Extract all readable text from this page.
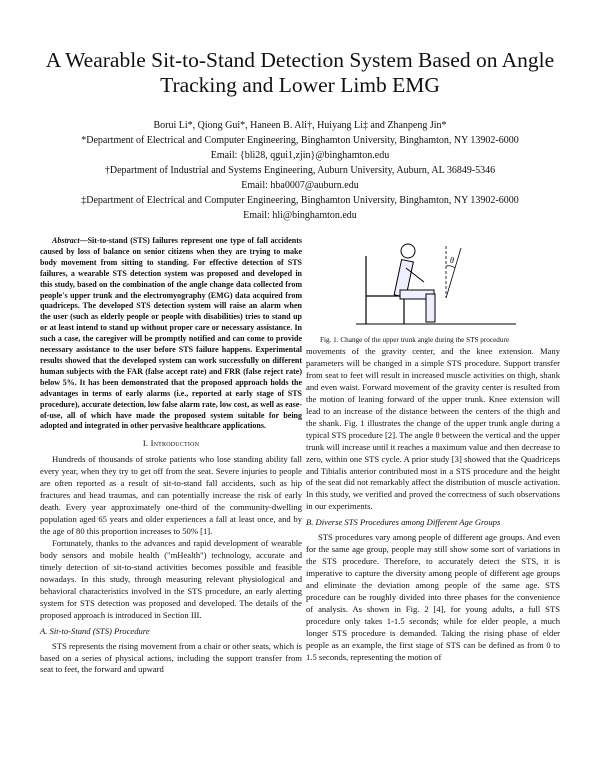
A Wearable Sit-to-Stand Detection System Based on Angle Tracking and Lower Limb EMG
Borui Li*, Qiong Gui*, Haneen B. Ali†, Huiyang Li‡ and Zhanpeng Jin*
*Department of Electrical and Computer Engineering, Binghamton University, Binghamton, NY 13902-6000
Email: {bli28, qgui1,zjin}@binghamton.edu
†Department of Industrial and Systems Engineering, Auburn University, Auburn, AL 36849-5346
Email: hba0007@auburn.edu
‡Department of Electrical and Computer Engineering, Binghamton University, Binghamton, NY 13902-6000
Email: hli@binghamton.edu

Abstract—Sit-to-stand (STS) failures represent one type of fall accidents caused by loss of balance on senior citizens when they are trying to make body movement from sitting to standing. For effective detection of STS failures, a wearable STS detection system was proposed and developed in this study, based on the combination of the angle change data collected from people's upper trunk and the electromyography (EMG) data acquired from quadriceps. The developed STS detection system will raise an alarm when the user (such as elderly people or people with disabilities) tries to stand up or at least intend to stand up without proper care or necessary assistance. In such a case, the caregiver will be promptly notified and can come to provide necessary assistance to the user before STS failure happens. Experimental results showed that the developed system can work successfully on different human subjects with the FAR (false accept rate) and FRR (false reject rate) below 5%. It has been demonstrated that the proposed approach holds the advantages in terms of early alarms (i.e., reported at early stage of STS procedure), accurate detection, low false alarm rate, low cost, as well as ease-of-use, all of which have made the proposed system suitable for being adopted and integrated in other pervasive healthcare applications.

I. Introduction

Hundreds of thousands of stroke patients who lose standing ability fall every year, when they try to get off from the seat. Severe injuries to people are often reported as a result of sit-to-stand fall accidents, such as hip fractures and head traumas, and can potentially increase the risk of early death. Every year approximately one-third of the community-dwelling population aged 65 years and older experiences a fall at least once, and by the age of 80 this proportion increases to 50% [1].

Fortunately, thanks to the advances and rapid development of wearable body sensors and mobile health ("mHealth") technology, accurate and timely detection of sit-to-stand activities becomes possible and feasible nowadays. In this study, through measuring relevant physiological and behavioral characteristics involved in the STS procedure, an early alerting system for STS detection was proposed and developed. The details of the proposed approach is introduced in Section III.

A. Sit-to-Stand (STS) Procedure

STS represents the rising movement from a chair or other seats, which is based on a series of physical actions, including the support transfer from seat to feet, the forward and upward

θ
Fig. 1. Change of the upper trunk angle during the STS procedure

movements of the gravity center, and the knee extension. Many parameters will be changed in a simple STS procedure. Support transfer from seat to feet will result in increased muscle activities on thigh, shank and even waist. Forward movement of the gravity center is resulted from the motion of leaning forward of the upper trunk. Knee extension will lead to an increase of the distance between the centers of the thigh and the shank. Fig. 1 illustrates the change of the upper trunk angle during a typical STS procedure [2]. The angle θ between the vertical and the upper trunk will increase until it reaches a maximum value and then decrease to zero, within one STS cycle. A prior study [3] showed that the Quadriceps and Tibialis anterior contributed most in a STS procedure and the height of the seat did not remarkably affect the distribution of muscle activation. In this study, we verified and proved the correctness of such observations in our experiments.

B. Diverse STS Procedures among Different Age Groups

STS procedures vary among people of different age groups. And even for the same age group, people may still show some sort of variations in the STS procedure. Therefore, to accurately detect the STS, it is imperative to capture the diversity among people of different age groups and eliminate the deviation among people of the same age. STS procedure can be roughly divided into three phases for the convenience of analysis. As shown in Fig. 2 [4], for young adults, a full STS procedure only takes 1-1.5 seconds; while for elder people, a much longer STS procedure is demanded. Taking the rising phase of elder people as an example, the first stage of STS can be defined as from 0 to 1.5 seconds, representing the motion of
